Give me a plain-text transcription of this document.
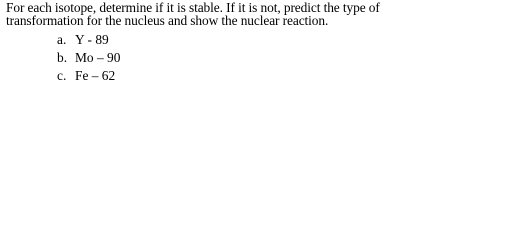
For each isotope, determine if it is stable. If it is not, predict the type of
transformation for the nucleus and show the nuclear reaction.

a. Y - 89
b. Mo – 90
c. Fe – 62
